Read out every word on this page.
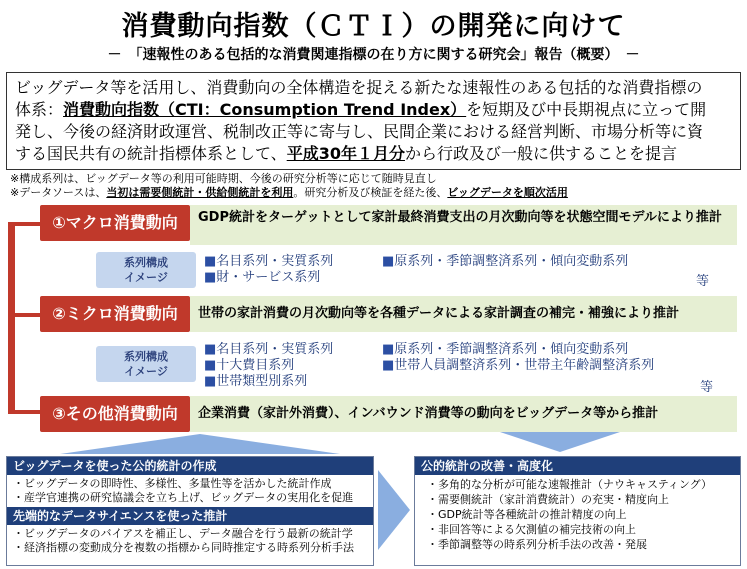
消費動向指数（ＣＴＩ）の開発に向けて
－　「速報性のある包括的な消費関連指標の在り方に関する研究会」報告（概要）　－
ビッグデータ等を活用し、消費動向の全体構造を捉える新たな速報性のある包括的な消費指標の
体系：消費動向指数（CTI：Consumption Trend Index）を短期及び中長期視点に立って開
発し、今後の経済財政運営、税制改正等に寄与し、民間企業における経営判断、市場分析等に資
する国民共有の統計指標体系として、平成30年１月分から行政及び一般に供することを提言
※構成系列は、ビッグデータ等の利用可能時期、今後の研究分析等に応じて随時見直し
※データソースは、当初は需要側統計・供給側統計を利用。研究分析及び検証を経た後、ビッグデータを順次活用
①マクロ消費動向	GDP統計をターゲットとして家計最終消費支出の月次動向等を状態空間モデルにより推計
系列構成
イメージ
■名目系列・実質系列
■財・サービス系列
■原系列・季節調整済系列・傾向変動系列
等
②ミクロ消費動向	世帯の家計消費の月次動向等を各種データによる家計調査の補完・補強により推計
系列構成
イメージ
■名目系列・実質系列
■十大費目系列
■世帯類型別系列
■原系列・季節調整済系列・傾向変動系列
■世帯人員調整済系列・世帯主年齢調整済系列
等
③その他消費動向	企業消費（家計外消費）、インバウンド消費等の動向をビッグデータ等から推計
ビッグデータを使った公的統計の作成
・ビッグデータの即時性、多様性、多量性等を活かした統計作成
・産学官連携の研究協議会を立ち上げ、ビッグデータの実用化を促進
先端的なデータサイエンスを使った推計
・ビッグデータのバイアスを補正し、データ融合を行う最新の統計学
・経済指標の変動成分を複数の指標から同時推定する時系列分析手法
公的統計の改善・高度化
・多角的な分析が可能な速報推計（ナウキャスティング）
・需要側統計（家計消費統計）の充実・精度向上
・GDP統計等各種統計の推計精度の向上
・非回答等による欠測値の補完技術の向上
・季節調整等の時系列分析手法の改善・発展
